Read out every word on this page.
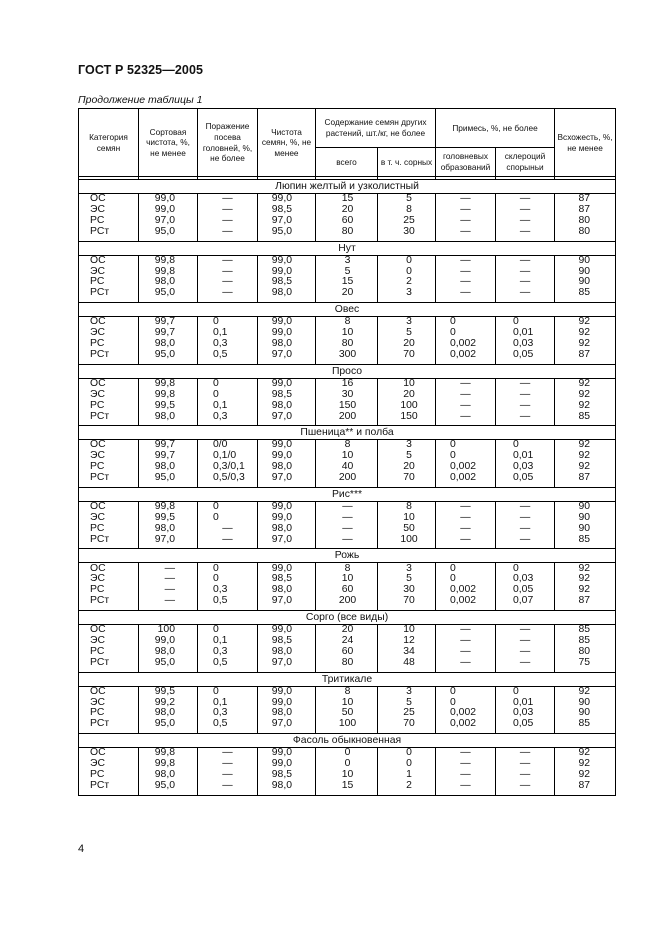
ГОСТ Р 52325—2005
Продолжение таблицы 1
Категория семян	Сортовая чистота, %, не менее	Поражение посева головней, %, не более	Чистота семян, %, не менее	Содержание семян других растений, шт./кг, не более		Примесь, %, не более		Всхожесть, %, не менее
				всего	в т. ч. сорных	головневых образований	склероций спорыньи	

Люпин желтый и узколистный								
ОС	99,0	—	99,0	15	5	—	—	87
ЭС	99,0	—	98,5	20	8	—	—	87
РС	97,0	—	97,0	60	25	—	—	80
РСт	95,0	—	95,0	80	30	—	—	80
Нут								
ОС	99,8	—	99,0	3	0	—	—	90
ЭС	99,8	—	99,0	5	0	—	—	90
РС	98,0	—	98,5	15	2	—	—	90
РСт	95,0	—	98,0	20	3	—	—	85
Овес								
ОС	99,7	0	99,0	8	3	0	0	92
ЭС	99,7	0,1	99,0	10	5	0	0,01	92
РС	98,0	0,3	98,0	80	20	0,002	0,03	92
РСт	95,0	0,5	97,0	300	70	0,002	0,05	87
Просо								
ОС	99,8	0	99,0	16	10	—	—	92
ЭС	99,8	0	98,5	30	20	—	—	92
РС	99,5	0,1	98,0	150	100	—	—	92
РСт	98,0	0,3	97,0	200	150	—	—	85
Пшеница** и полба								
ОС	99,7	0/0	99,0	8	3	0	0	92
ЭС	99,7	0,1/0	99,0	10	5	0	0,01	92
РС	98,0	0,3/0,1	98,0	40	20	0,002	0,03	92
РСт	95,0	0,5/0,3	97,0	200	70	0,002	0,05	87
Рис***								
ОС	99,8	0	99,0	—	8	—	—	90
ЭС	99,5	0	99,0	—	10	—	—	90
РС	98,0	—	98,0	—	50	—	—	90
РСт	97,0	—	97,0	—	100	—	—	85
Рожь								
ОС	—	0	99,0	8	3	0	0	92
ЭС	—	0	98,5	10	5	0	0,03	92
РС	—	0,3	98,0	60	30	0,002	0,05	92
РСт	—	0,5	97,0	200	70	0,002	0,07	87
Сорго (все виды)								
ОС	100	0	99,0	20	10	—	—	85
ЭС	99,0	0,1	98,5	24	12	—	—	85
РС	98,0	0,3	98,0	60	34	—	—	80
РСт	95,0	0,5	97,0	80	48	—	—	75
Тритикале								
ОС	99,5	0	99,0	8	3	0	0	92
ЭС	99,2	0,1	99,0	10	5	0	0,01	90
РС	98,0	0,3	98,0	50	25	0,002	0,03	90
РСт	95,0	0,5	97,0	100	70	0,002	0,05	85
Фасоль обыкновенная								
ОС	99,8	—	99,0	0	0	—	—	92
ЭС	99,8	—	99,0	0	0	—	—	92
РС	98,0	—	98,5	10	1	—	—	92
РСт	95,0	—	98,0	15	2	—	—	87
4
